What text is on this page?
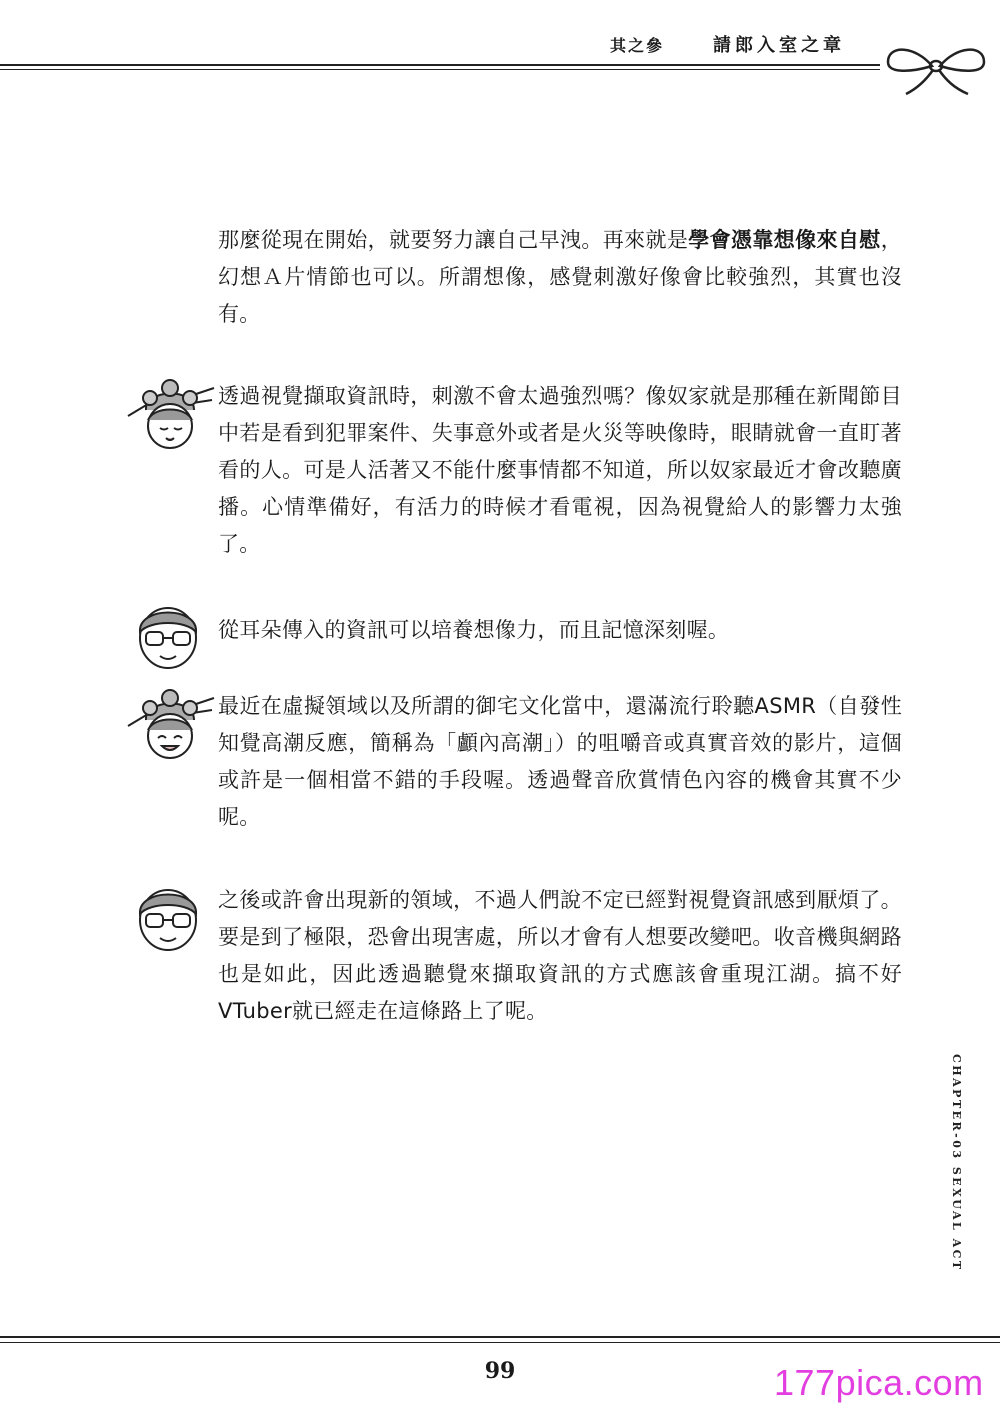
其之參	請郎入室之章
那麼從現在開始，就要努力讓自己早洩。再來就是學會憑靠想像來自慰，幻想Ａ片情節也可以。所謂想像，感覺刺激好像會比較強烈，其實也沒有。
透過視覺擷取資訊時，刺激不會太過強烈嗎？像奴家就是那種在新聞節目中若是看到犯罪案件、失事意外或者是火災等映像時，眼睛就會一直盯著看的人。可是人活著又不能什麼事情都不知道，所以奴家最近才會改聽廣播。心情準備好，有活力的時候才看電視，因為視覺給人的影響力太強了。
從耳朵傳入的資訊可以培養想像力，而且記憶深刻喔。
最近在虛擬領域以及所謂的御宅文化當中，還滿流行聆聽ASMR（自發性知覺高潮反應，簡稱為「顱內高潮」）的咀嚼音或真實音效的影片，這個或許是一個相當不錯的手段喔。透過聲音欣賞情色內容的機會其實不少呢。
之後或許會出現新的領域，不過人們說不定已經對視覺資訊感到厭煩了。要是到了極限，恐會出現害處，所以才會有人想要改變吧。收音機與網路也是如此，因此透過聽覺來擷取資訊的方式應該會重現江湖。搞不好VTuber就已經走在這條路上了呢。
CHAPTER-03 SEXUAL ACT
99	177pica.com
